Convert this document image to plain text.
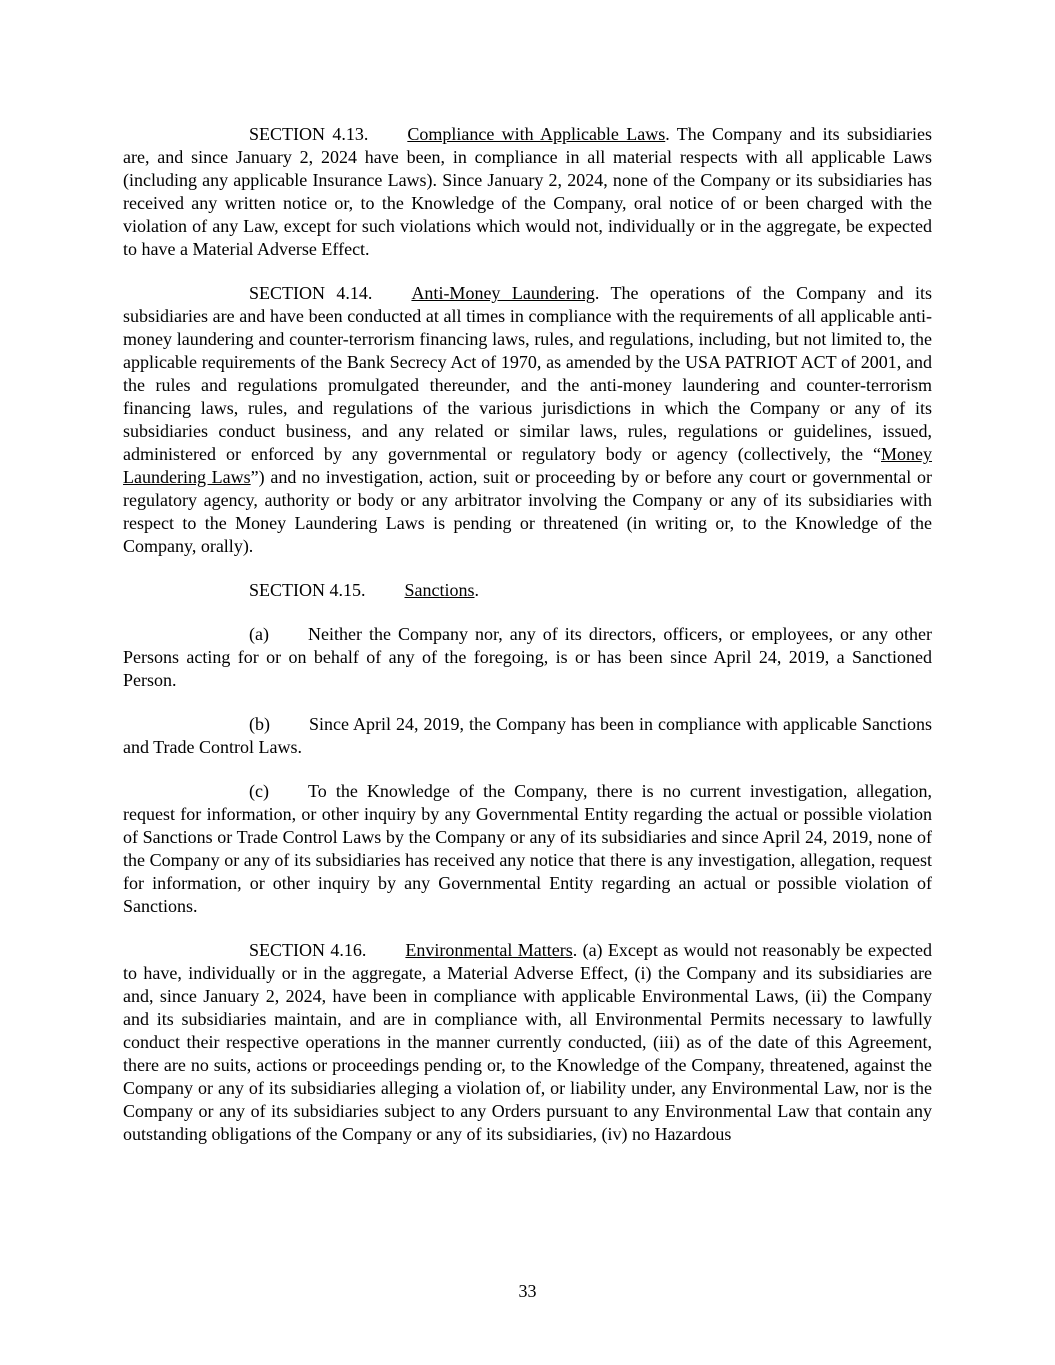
SECTION 4.13. Compliance with Applicable Laws. The Company and its subsidiaries are, and since January 2, 2024 have been, in compliance in all material respects with all applicable Laws (including any applicable Insurance Laws). Since January 2, 2024, none of the Company or its subsidiaries has received any written notice or, to the Knowledge of the Company, oral notice of or been charged with the violation of any Law, except for such violations which would not, individually or in the aggregate, be expected to have a Material Adverse Effect.

SECTION 4.14. Anti-Money Laundering. The operations of the Company and its subsidiaries are and have been conducted at all times in compliance with the requirements of all applicable anti-money laundering and counter-terrorism financing laws, rules, and regulations, including, but not limited to, the applicable requirements of the Bank Secrecy Act of 1970, as amended by the USA PATRIOT ACT of 2001, and the rules and regulations promulgated thereunder, and the anti-money laundering and counter-terrorism financing laws, rules, and regulations of the various jurisdictions in which the Company or any of its subsidiaries conduct business, and any related or similar laws, rules, regulations or guidelines, issued, administered or enforced by any governmental or regulatory body or agency (collectively, the “Money Laundering Laws”) and no investigation, action, suit or proceeding by or before any court or governmental or regulatory agency, authority or body or any arbitrator involving the Company or any of its subsidiaries with respect to the Money Laundering Laws is pending or threatened (in writing or, to the Knowledge of the Company, orally).

SECTION 4.15. Sanctions.

(a) Neither the Company nor, any of its directors, officers, or employees, or any other Persons acting for or on behalf of any of the foregoing, is or has been since April 24, 2019, a Sanctioned Person.

(b) Since April 24, 2019, the Company has been in compliance with applicable Sanctions and Trade Control Laws.

(c) To the Knowledge of the Company, there is no current investigation, allegation, request for information, or other inquiry by any Governmental Entity regarding the actual or possible violation of Sanctions or Trade Control Laws by the Company or any of its subsidiaries and since April 24, 2019, none of the Company or any of its subsidiaries has received any notice that there is any investigation, allegation, request for information, or other inquiry by any Governmental Entity regarding an actual or possible violation of Sanctions.

SECTION 4.16. Environmental Matters. (a) Except as would not reasonably be expected to have, individually or in the aggregate, a Material Adverse Effect, (i) the Company and its subsidiaries are and, since January 2, 2024, have been in compliance with applicable Environmental Laws, (ii) the Company and its subsidiaries maintain, and are in compliance with, all Environmental Permits necessary to lawfully conduct their respective operations in the manner currently conducted, (iii) as of the date of this Agreement, there are no suits, actions or proceedings pending or, to the Knowledge of the Company, threatened, against the Company or any of its subsidiaries alleging a violation of, or liability under, any Environmental Law, nor is the Company or any of its subsidiaries subject to any Orders pursuant to any Environmental Law that contain any outstanding obligations of the Company or any of its subsidiaries, (iv) no Hazardous

33
